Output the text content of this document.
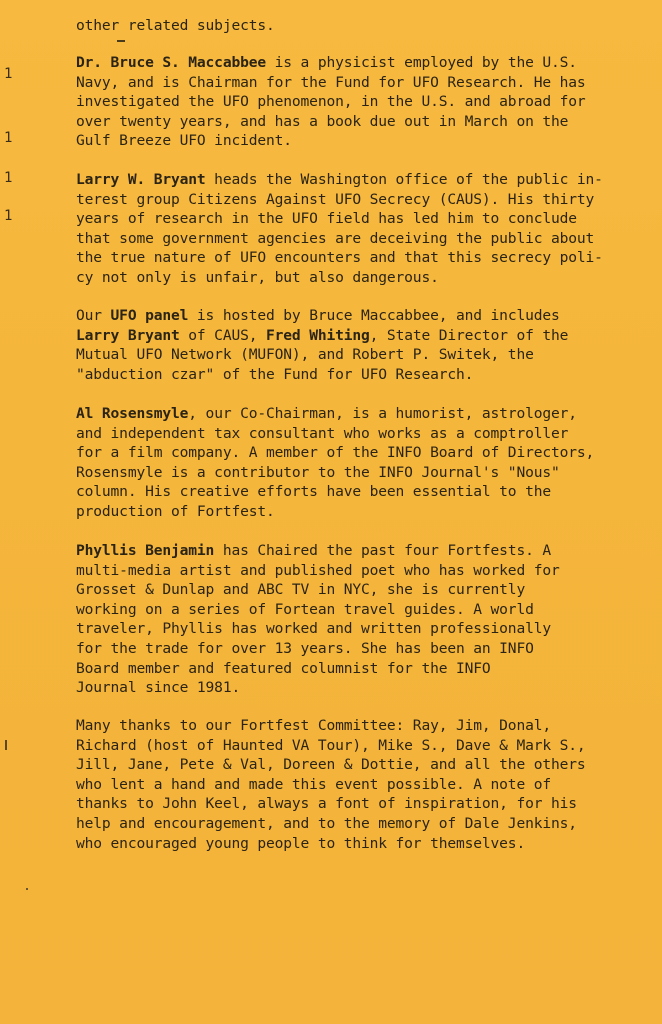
1
1
1
1
other related subjects.
Dr. Bruce S. Maccabbee is a physicist employed by the U.S.
Navy, and is Chairman for the Fund for UFO Research. He has
investigated the UFO phenomenon, in the U.S. and abroad for
over twenty years, and has a book due out in March on the
Gulf Breeze UFO incident.
Larry W. Bryant heads the Washington office of the public in-
terest group Citizens Against UFO Secrecy (CAUS). His thirty
years of research in the UFO field has led him to conclude
that some government agencies are deceiving the public about
the true nature of UFO encounters and that this secrecy poli-
cy not only is unfair, but also dangerous.
Our UFO panel is hosted by Bruce Maccabbee, and includes
Larry Bryant of CAUS, Fred Whiting, State Director of the
Mutual UFO Network (MUFON), and Robert P. Switek, the
"abduction czar" of the Fund for UFO Research.
Al Rosensmyle, our Co-Chairman, is a humorist, astrologer,
and independent tax consultant who works as a comptroller
for a film company. A member of the INFO Board of Directors,
Rosensmyle is a contributor to the INFO Journal's "Nous"
column. His creative efforts have been essential to the
production of Fortfest.
Phyllis Benjamin has Chaired the past four Fortfests. A
multi-media artist and published poet who has worked for
Grosset & Dunlap and ABC TV in NYC, she is currently
working on a series of Fortean travel guides. A world
traveler, Phyllis has worked and written professionally
for the trade for over 13 years. She has been an INFO
Board member and featured columnist for the INFO
Journal since 1981.
Many thanks to our Fortfest Committee: Ray, Jim, Donal,
Richard (host of Haunted VA Tour), Mike S., Dave & Mark S.,
Jill, Jane, Pete & Val, Doreen & Dottie, and all the others
who lent a hand and made this event possible. A note of
thanks to John Keel, always a font of inspiration, for his
help and encouragement, and to the memory of Dale Jenkins,
who encouraged young people to think for themselves.
